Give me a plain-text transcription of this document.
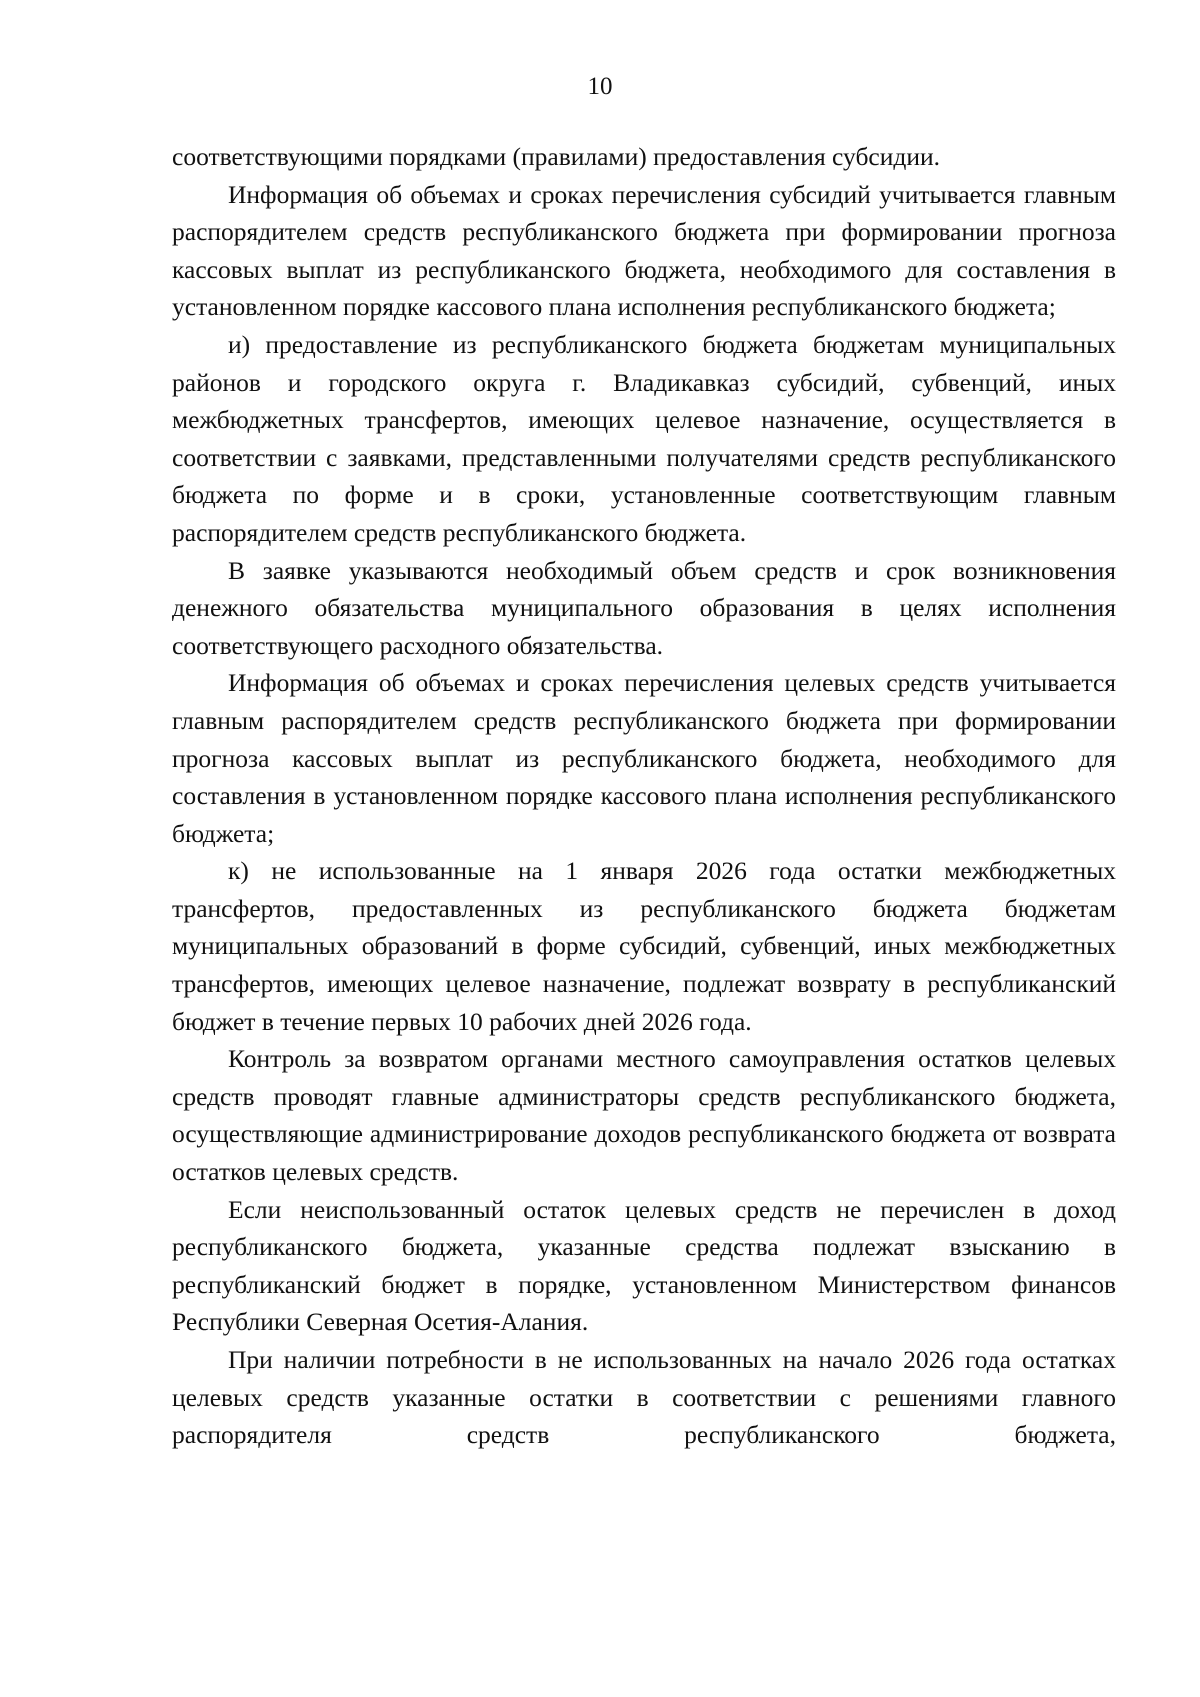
10

соответствующими порядками (правилами) предоставления субсидии.

Информация об объемах и сроках перечисления субсидий учитывается главным распорядителем средств республиканского бюджета при формировании прогноза кассовых выплат из республиканского бюджета, необходимого для составления в установленном порядке кассового плана исполнения республиканского бюджета;

и) предоставление из республиканского бюджета бюджетам муниципальных районов и городского округа г. Владикавказ субсидий, субвенций, иных межбюджетных трансфертов, имеющих целевое назначение, осуществляется в соответствии с заявками, представленными получателями средств республиканского бюджета по форме и в сроки, установленные соответствующим главным распорядителем средств республиканского бюджета.

В заявке указываются необходимый объем средств и срок возникновения денежного обязательства муниципального образования в целях исполнения соответствующего расходного обязательства.

Информация об объемах и сроках перечисления целевых средств учитывается главным распорядителем средств республиканского бюджета при формировании прогноза кассовых выплат из республиканского бюджета, необходимого для составления в установленном порядке кассового плана исполнения республиканского бюджета;

к) не использованные на 1 января 2026 года остатки межбюджетных трансфертов, предоставленных из республиканского бюджета бюджетам муниципальных образований в форме субсидий, субвенций, иных межбюджетных трансфертов, имеющих целевое назначение, подлежат возврату в республиканский бюджет в течение первых 10 рабочих дней 2026 года.

Контроль за возвратом органами местного самоуправления остатков целевых средств проводят главные администраторы средств республиканского бюджета, осуществляющие администрирование доходов республиканского бюджета от возврата остатков целевых средств.

Если неиспользованный остаток целевых средств не перечислен в доход республиканского бюджета, указанные средства подлежат взысканию в республиканский бюджет в порядке, установленном Министерством финансов Республики Северная Осетия-Алания.

При наличии потребности в не использованных на начало 2026 года остатках целевых средств указанные остатки в соответствии с решениями главного распорядителя средств республиканского бюджета,
